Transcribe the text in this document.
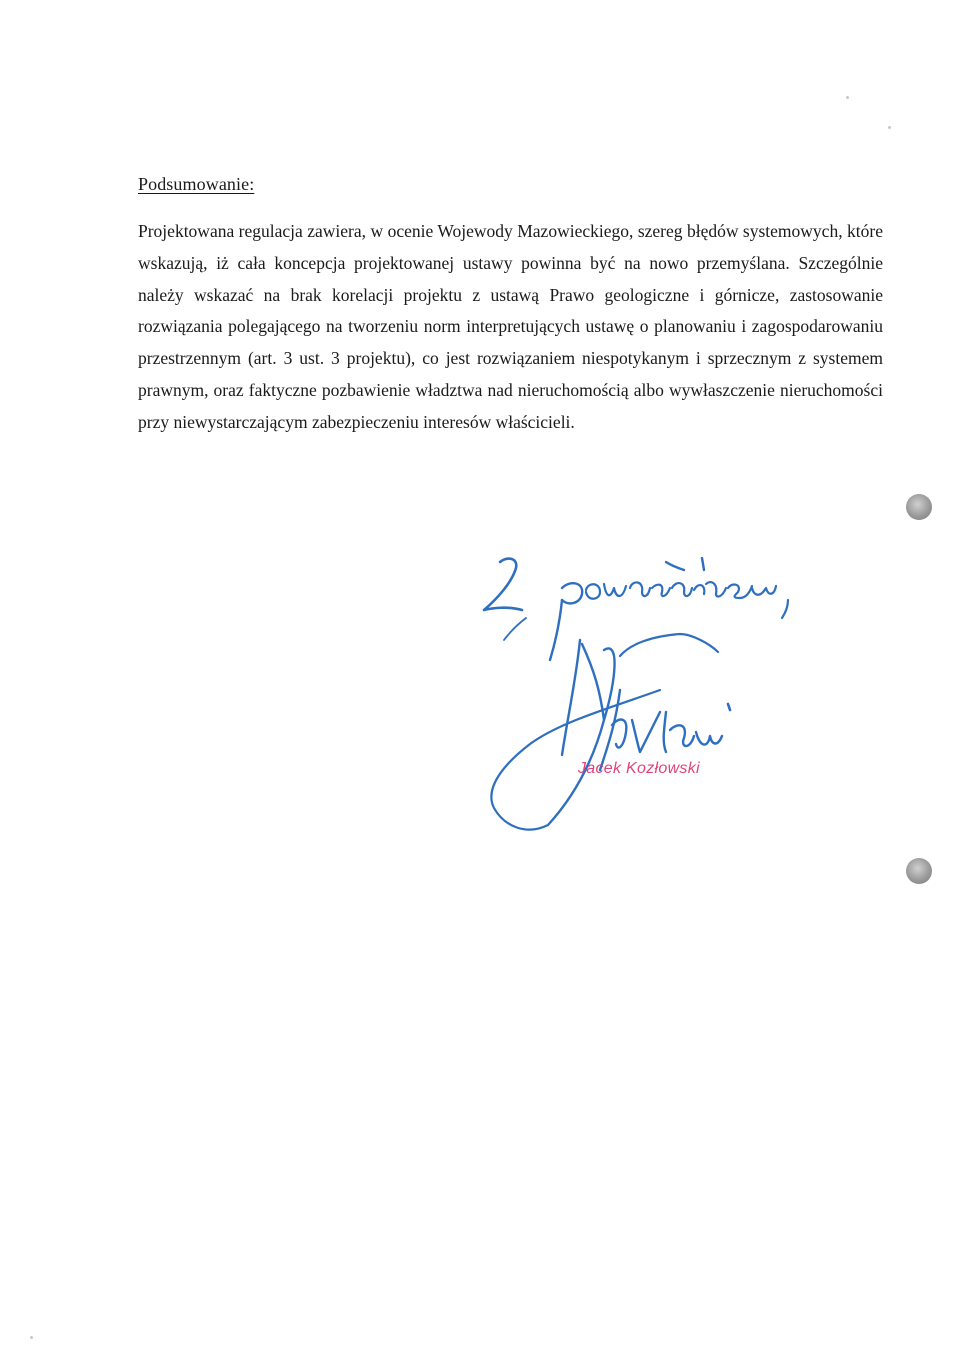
Podsumowanie:

Projektowana regulacja zawiera, w ocenie Wojewody Mazowieckiego, szereg błędów systemowych, które wskazują, iż cała koncepcja projektowanej ustawy powinna być na nowo przemyślana. Szczególnie należy wskazać na brak korelacji projektu z ustawą Prawo geologiczne i górnicze, zastosowanie rozwiązania polegającego na tworzeniu norm interpretujących ustawę o planowaniu i zagospodarowaniu przestrzennym (art. 3 ust. 3 projektu), co jest rozwiązaniem niespotykanym i sprzecznym z systemem prawnym, oraz faktyczne pozbawienie władztwa nad nieruchomością albo wywłaszczenie nieruchomości przy niewystarczającym zabezpieczeniu interesów właścicieli.

Jacek Kozłowski
